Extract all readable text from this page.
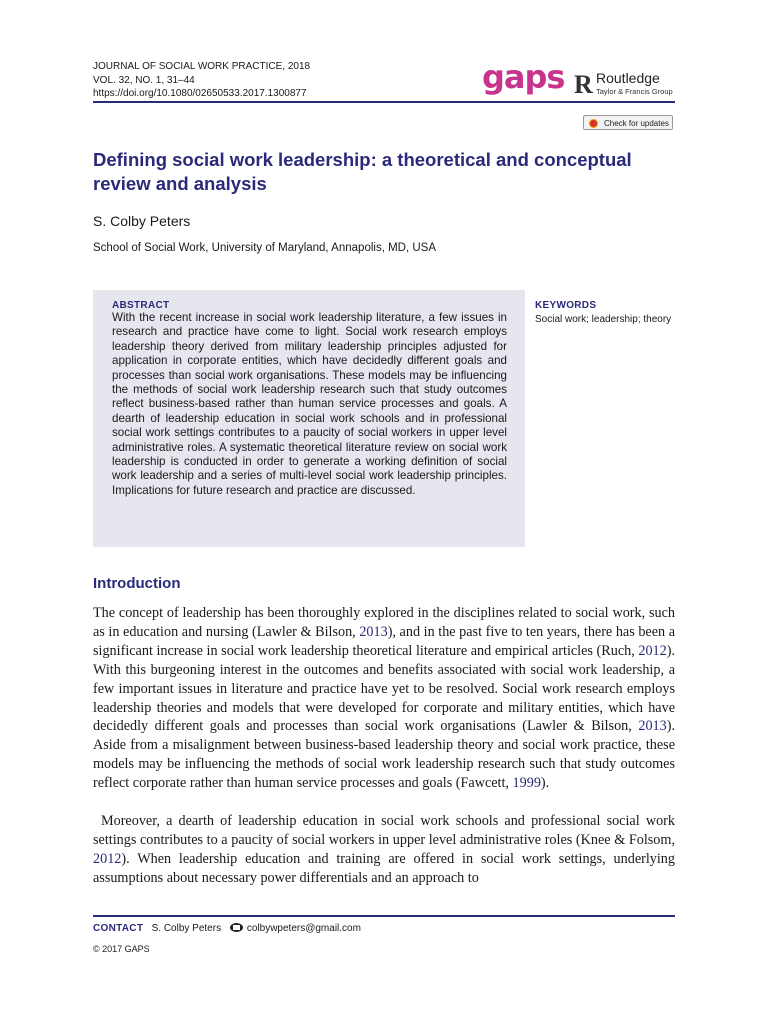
JOURNAL OF SOCIAL WORK PRACTICE, 2018
VOL. 32, NO. 1, 31–44
https://doi.org/10.1080/02650533.2017.1300877	gaps R Routledge
Taylor & Francis Group
Check for updates
Defining social work leadership: a theoretical and conceptual review and analysis
S. Colby Peters
School of Social Work, University of Maryland, Annapolis, MD, USA
ABSTRACT
With the recent increase in social work leadership literature, a few issues in research and practice have come to light. Social work research employs leadership theory derived from military leadership principles adjusted for application in corporate entities, which have decidedly different goals and processes than social work organisations. These models may be influencing the methods of social work leadership research such that study outcomes reflect business-based rather than human service processes and goals. A dearth of leadership education in social work schools and in professional social work settings contributes to a paucity of social workers in upper level administrative roles. A systematic theoretical literature review on social work leadership is conducted in order to generate a working definition of social work leadership and a series of multi-level social work leadership principles. Implications for future research and practice are discussed.
KEYWORDS
Social work; leadership; theory
Introduction
The concept of leadership has been thoroughly explored in the disciplines related to social work, such as in education and nursing (Lawler & Bilson, 2013), and in the past five to ten years, there has been a significant increase in social work leadership theoretical literature and empirical articles (Ruch, 2012). With this burgeoning interest in the outcomes and benefits associated with social work leadership, a few important issues in literature and practice have yet to be resolved. Social work research employs leadership theories and models that were developed for corporate and military entities, which have decidedly different goals and processes than social work organisations (Lawler & Bilson, 2013). Aside from a misalignment between business-based leadership theory and social work practice, these models may be influencing the methods of social work leadership research such that study outcomes reflect corporate rather than human service processes and goals (Fawcett, 1999).
Moreover, a dearth of leadership education in social work schools and professional social work settings contributes to a paucity of social workers in upper level administrative roles (Knee & Folsom, 2012). When leadership education and training are offered in social work settings, underlying assumptions about necessary power differentials and an approach to
CONTACT S. Colby Peters	colbywpeters@gmail.com
© 2017 GAPS
